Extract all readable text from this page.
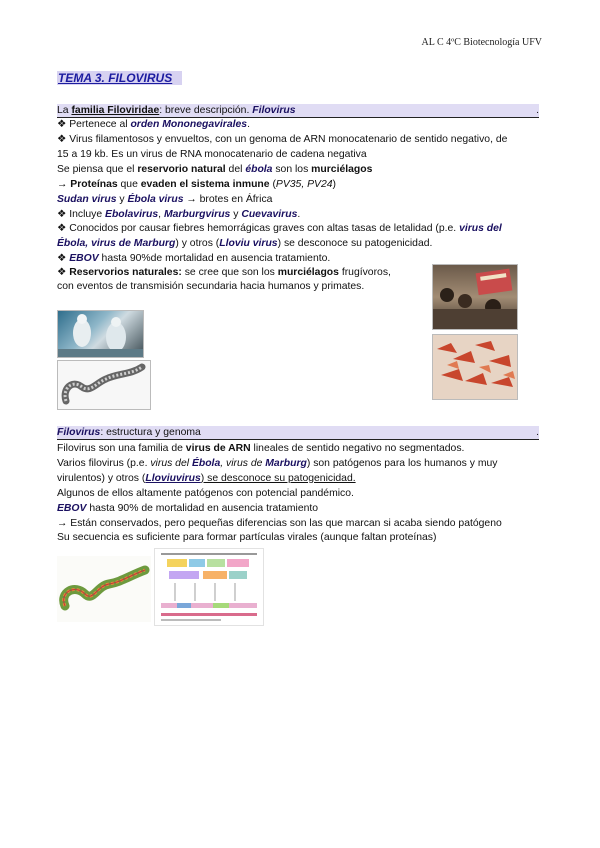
AL C 4ºC Biotecnología UFV
TEMA 3. FILOVIRUS
La familia Filoviridae: breve descripción. Filovirus	.
❖ Pertenece al orden Mononegavirales.
❖ Virus filamentosos y envueltos, con un genoma de ARN monocatenario de sentido negativo, de
15 a 19 kb. Es un virus de RNA monocatenario de cadena negativa
Se piensa que el reservorio natural del ébola son los murciélagos
→ Proteínas que evaden el sistema inmune (PV35, PV24)
Sudan virus y Ébola virus → brotes en África
❖ Incluye Ebolavirus, Marburgvirus y Cuevavirus.
❖ Conocidos por causar fiebres hemorrágicas graves con altas tasas de letalidad (p.e. virus del
Ébola, virus de Marburg) y otros (Lloviu virus) se desconoce su patogenicidad.
❖ EBOV hasta 90%de mortalidad en ausencia tratamiento.
❖ Reservorios naturales: se cree que son los murciélagos frugívoros,
con eventos de transmisión secundaria hacia humanos y primates.
Filovirus: estructura y genoma	.
Filovirus son una familia de virus de ARN lineales de sentido negativo no segmentados.
Varios filovirus (p.e. virus del Ébola, virus de Marburg) son patógenos para los humanos y muy
virulentos) y otros (Lloviuvirus) se desconoce su patogenicidad.
Algunos de ellos altamente patógenos con potencial pandémico.
EBOV hasta 90% de mortalidad en ausencia tratamiento
→ Están conservados, pero pequeñas diferencias son las que marcan si acaba siendo patógeno
Su secuencia es suficiente para formar partículas virales (aunque faltan proteínas)
